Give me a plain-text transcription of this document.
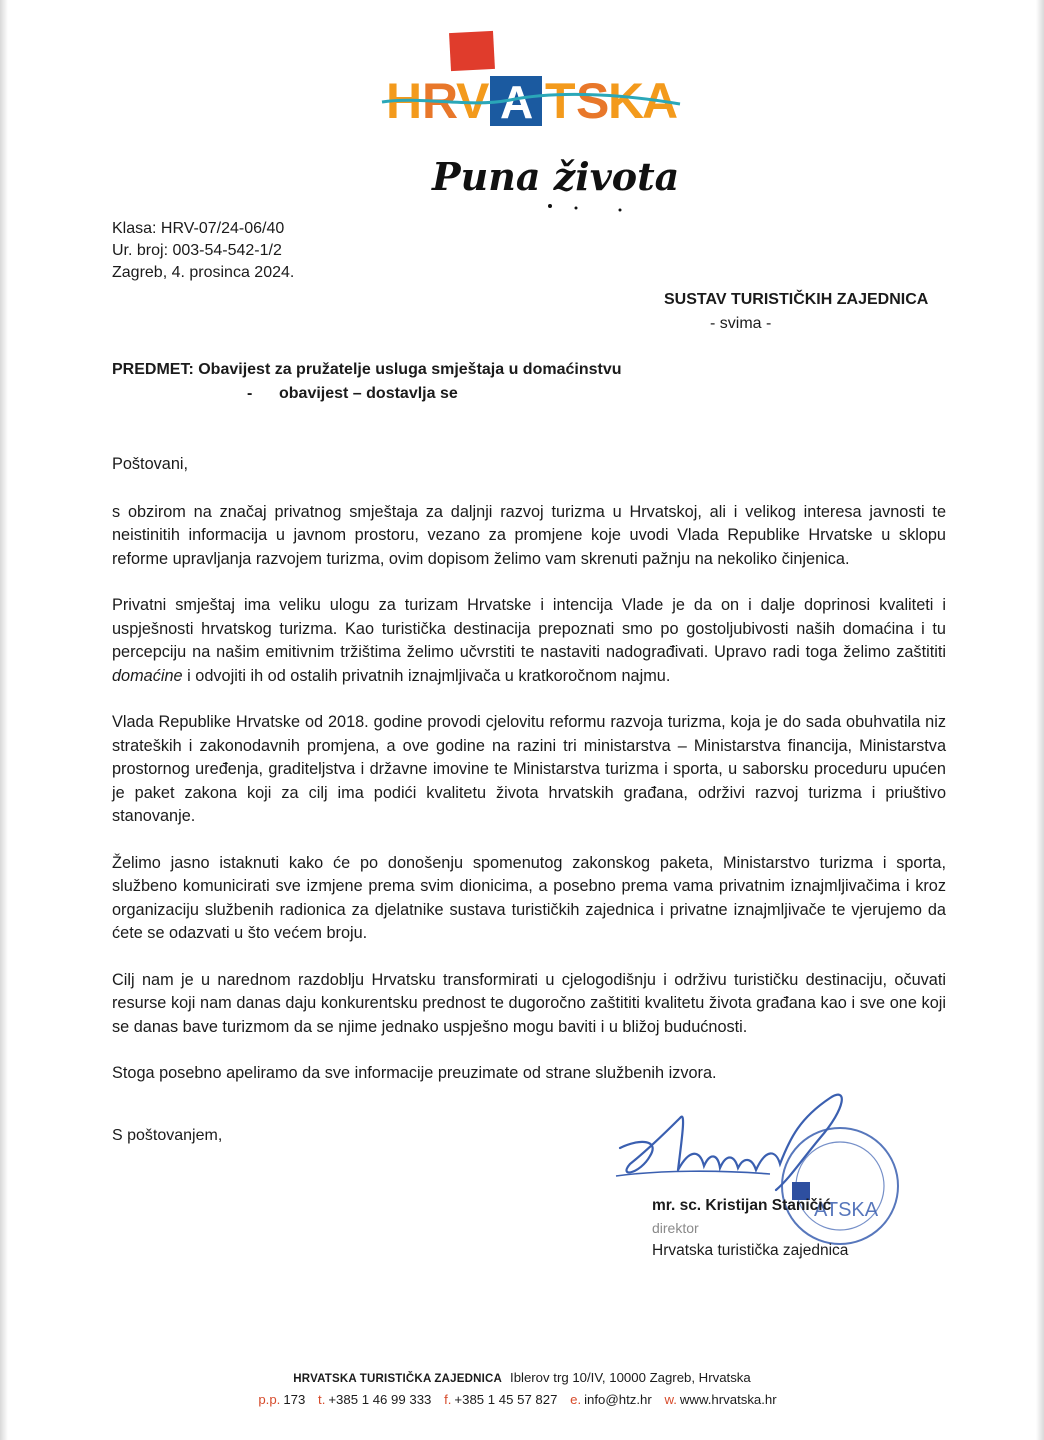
H R
V A T S
K
A
Puna života
Klasa: HRV-07/24-06/40
Ur. broj: 003-54-542-1/2
Zagreb, 4. prosinca 2024.
SUSTAV TURISTIČKIH ZAJEDNICA
- svima -
PREDMET: Obavijest za pružatelje usluga smještaja u domaćinstvu
- obavijest – dostavlja se

Poštovani,

s obzirom na značaj privatnog smještaja za daljnji razvoj turizma u Hrvatskoj, ali i velikog interesa javnosti te neistinitih informacija u javnom prostoru, vezano za promjene koje uvodi Vlada Republike Hrvatske u sklopu reforme upravljanja razvojem turizma, ovim dopisom želimo vam skrenuti pažnju na nekoliko činjenica.

Privatni smještaj ima veliku ulogu za turizam Hrvatske i intencija Vlade je da on i dalje doprinosi kvaliteti i uspješnosti hrvatskog turizma. Kao turistička destinacija prepoznati smo po gostoljubivosti naših domaćina i tu percepciju na našim emitivnim tržištima želimo učvrstiti te nastaviti nadograđivati. Upravo radi toga želimo zaštititi domaćine i odvojiti ih od ostalih privatnih iznajmljivača u kratkoročnom najmu.

Vlada Republike Hrvatske od 2018. godine provodi cjelovitu reformu razvoja turizma, koja je do sada obuhvatila niz strateških i zakonodavnih promjena, a ove godine na razini tri ministarstva – Ministarstva financija, Ministarstva prostornog uređenja, graditeljstva i državne imovine te Ministarstva turizma i sporta, u saborsku proceduru upućen je paket zakona koji za cilj ima podići kvalitetu života hrvatskih građana, održivi razvoj turizma i priuštivo stanovanje.

Želimo jasno istaknuti kako će po donošenju spomenutog zakonskog paketa, Ministarstvo turizma i sporta, službeno komunicirati sve izmjene prema svim dionicima, a posebno prema vama privatnim iznajmljivačima i kroz organizaciju službenih radionica za djelatnike sustava turističkih zajednica i privatne iznajmljivače te vjerujemo da ćete se odazvati u što većem broju.

Cilj nam je u narednom razdoblju Hrvatsku transformirati u cjelogodišnju i održivu turističku destinaciju, očuvati resurse koji nam danas daju konkurentsku prednost te dugoročno zaštititi kvalitetu života građana kao i sve one koji se danas bave turizmom da se njime jednako uspješno mogu baviti i u bližoj budućnosti.

Stoga posebno apeliramo da sve informacije preuzimate od strane službenih izvora.

S poštovanjem,
ATSKA
mr. sc. Kristijan Staničić
direktor
Hrvatska turistička zajednica
HRVATSKA TURISTIČKA ZAJEDNICA Iblerov trg 10/IV, 10000 Zagreb, Hrvatska
p.p. 173 t. +385 1 46 99 333 f. +385 1 45 57 827 e. info@htz.hr w. www.hrvatska.hr
